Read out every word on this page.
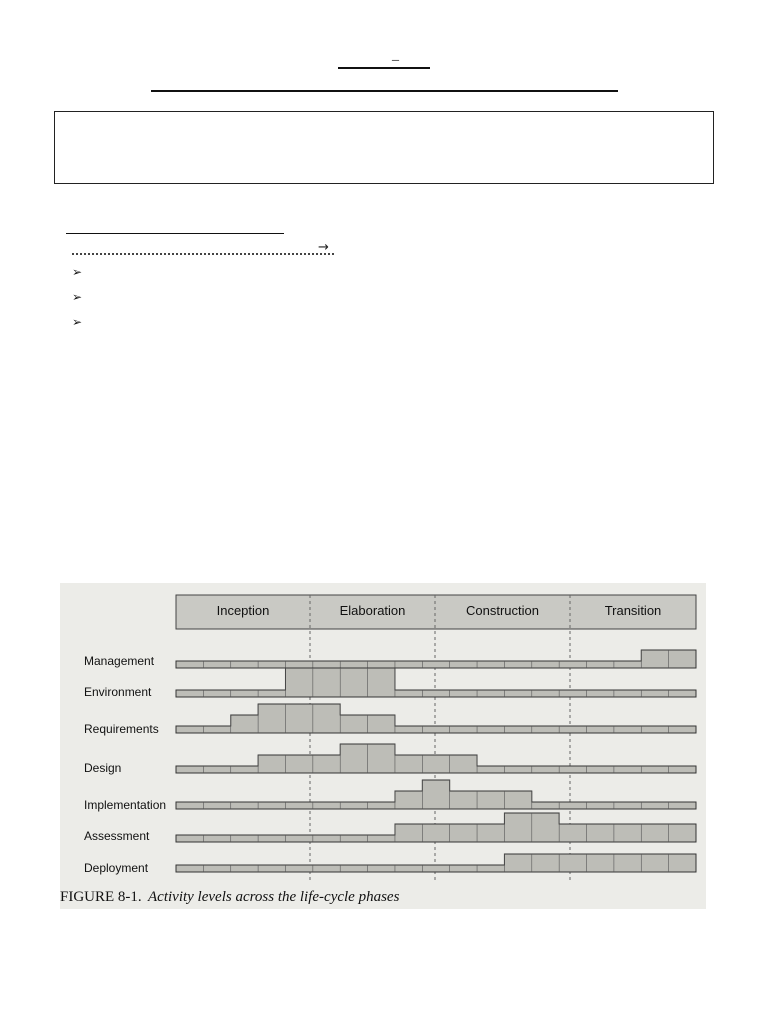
_
→
➢
➢
➢
Inception	Elaboration	Construction	Transition
Management
Environment
Requirements
Design
Implementation
Assessment
Deployment
FIGURE 8-1. Activity levels across the life-cycle phases
